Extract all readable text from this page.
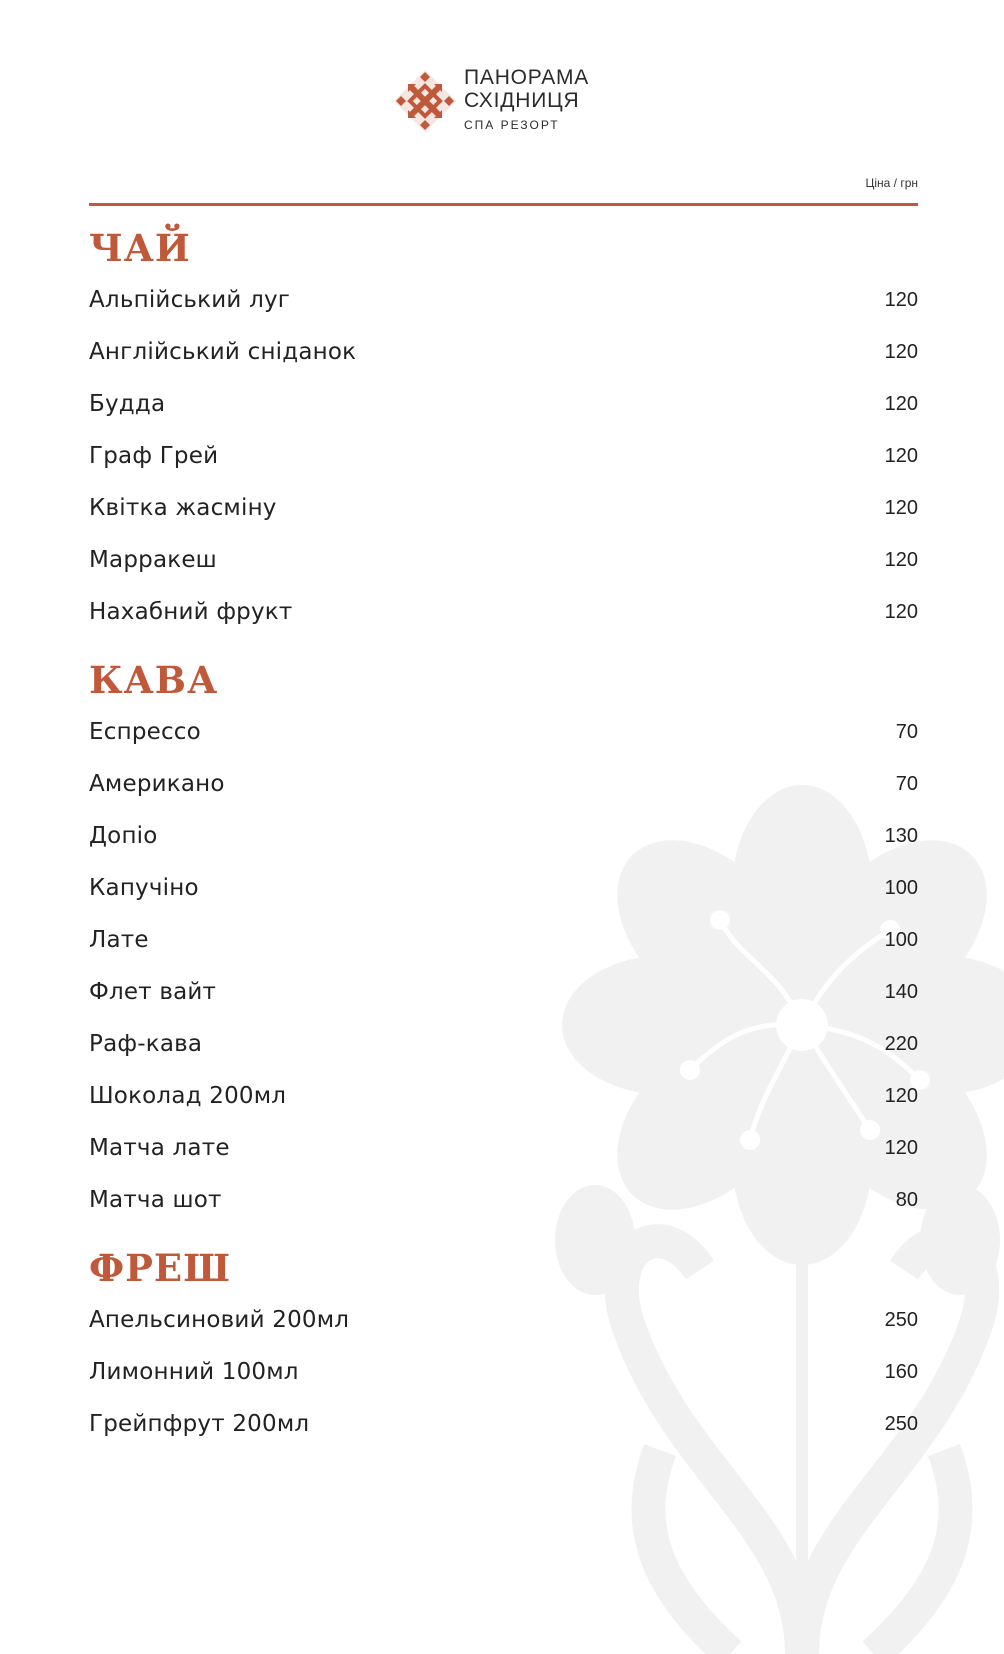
ПАНОРАМА
СХІДНИЦЯ
СПА РЕЗОРТ
Ціна / грн
ЧАЙ
Альпійський луг	120
Англійський сніданок	120
Будда	120
Граф Грей	120
Квітка жасміну	120
Марракеш	120
Нахабний фрукт	120
КАВА
Еспрессо	70
Американо	70
Допіо	130
Капучіно	100
Лате	100
Флет вайт	140
Раф-кава	220
Шоколад 200мл	120
Матча лате	120
Матча шот	80
ФРЕШ
Апельсиновий 200мл	250
Лимонний 100мл	160
Грейпфрут 200мл	250
